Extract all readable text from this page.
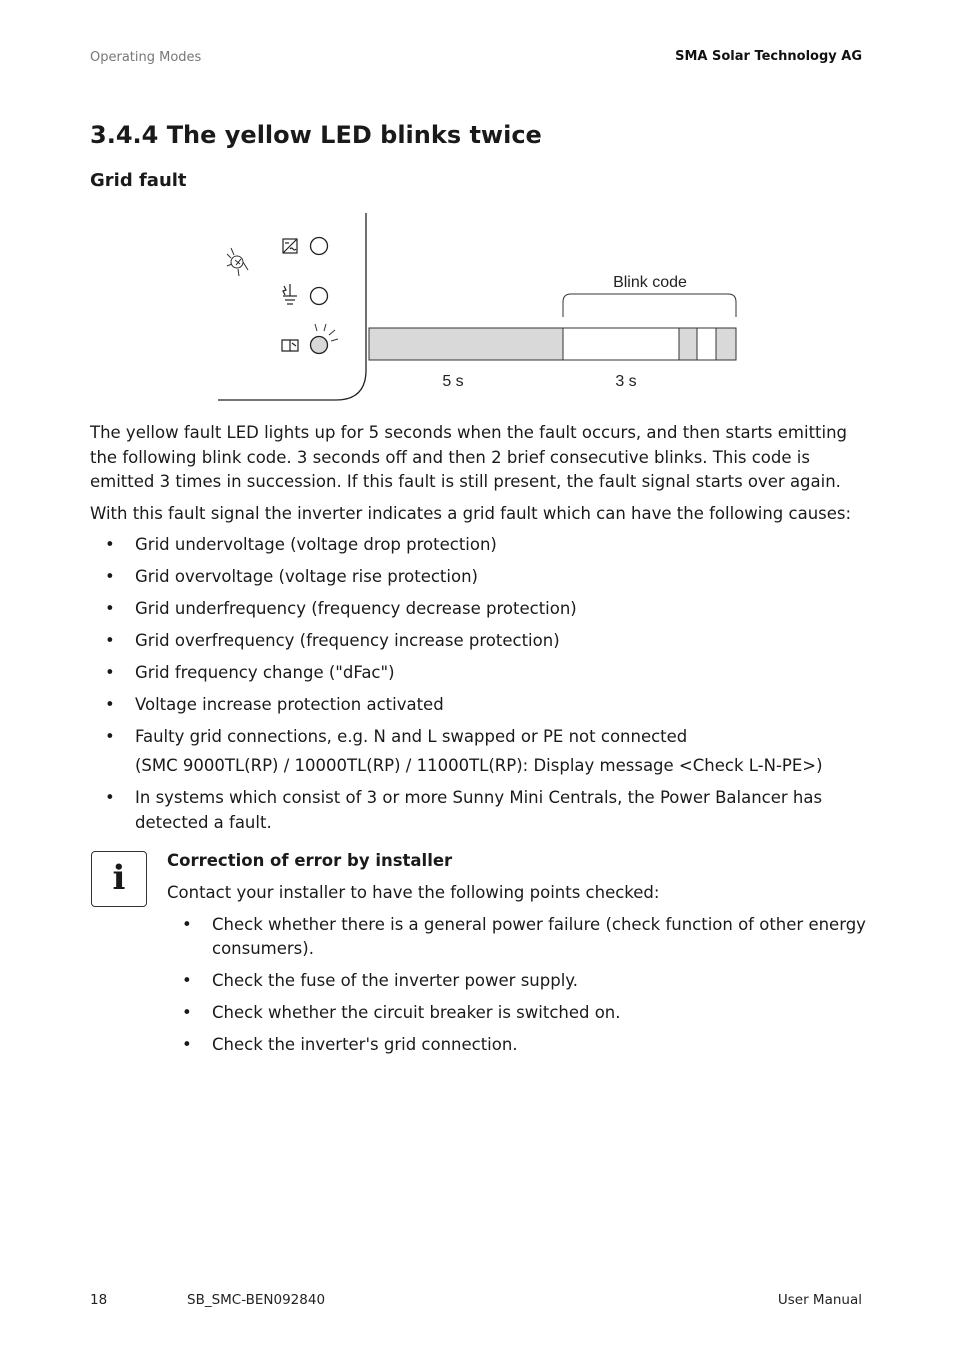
Operating Modes	SMA Solar Technology AG
3.4.4 The yellow LED blinks twice
Grid fault
Blink code
5 s	3 s

The yellow fault LED lights up for 5 seconds when the fault occurs, and then starts emitting the following blink code. 3 seconds off and then 2 brief consecutive blinks. This code is emitted 3 times in succession. If this fault is still present, the fault signal starts over again.

With this fault signal the inverter indicates a grid fault which can have the following causes:

• Grid undervoltage (voltage drop protection)
• Grid overvoltage (voltage rise protection)
• Grid underfrequency (frequency decrease protection)
• Grid overfrequency (frequency increase protection)
• Grid frequency change ("dFac")
• Voltage increase protection activated
• Faulty grid connections, e.g. N and L swapped or PE not connected
(SMC 9000TL(RP) / 10000TL(RP) / 11000TL(RP): Display message <Check L-N-PE>)
• In systems which consist of 3 or more Sunny Mini Centrals, the Power Balancer has detected a fault.
i	Correction of error by installer
Contact your installer to have the following points checked:
• Check whether there is a general power failure (check function of other energy consumers).
• Check the fuse of the inverter power supply.
• Check whether the circuit breaker is switched on.
• Check the inverter's grid connection.
18	SB_SMC-BEN092840	User Manual
